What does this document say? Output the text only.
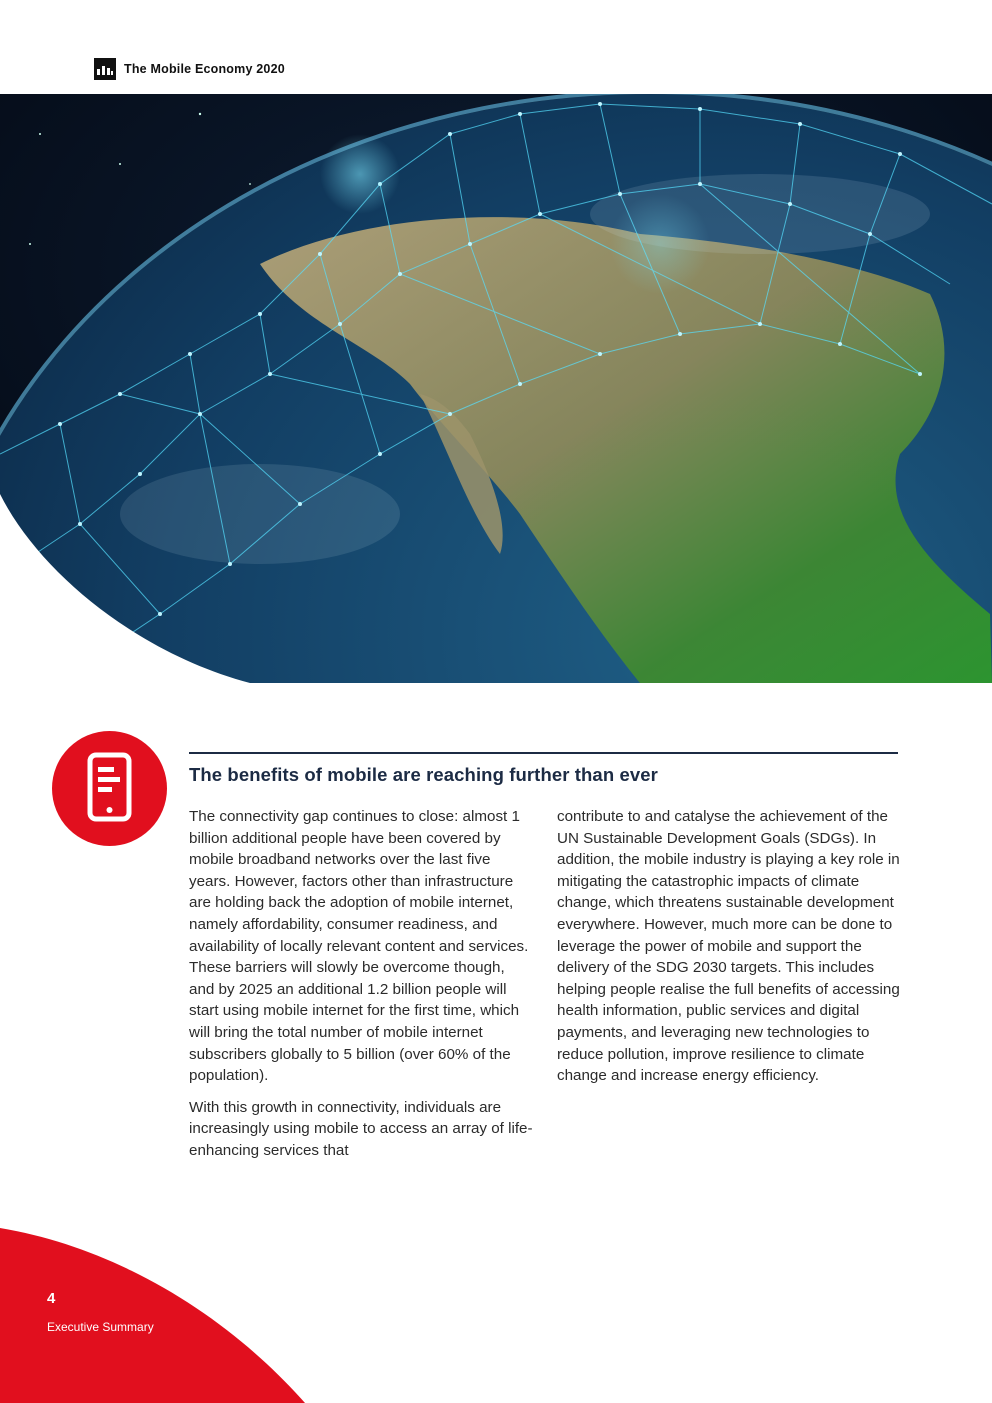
The Mobile Economy 2020
The benefits of mobile are reaching further than ever

The connectivity gap continues to close: almost 1 billion additional people have been covered by mobile broadband networks over the last five years. However, factors other than infrastructure are holding back the adoption of mobile internet, namely affordability, consumer readiness, and availability of locally relevant content and services. These barriers will slowly be overcome though, and by 2025 an additional 1.2 billion people will start using mobile internet for the first time, which will bring the total number of mobile internet subscribers globally to 5 billion (over 60% of the population).

With this growth in connectivity, individuals are increasingly using mobile to access an array of life-enhancing services that

contribute to and catalyse the achievement of the UN Sustainable Development Goals (SDGs). In addition, the mobile industry is playing a key role in mitigating the catastrophic impacts of climate change, which threatens sustainable development everywhere. However, much more can be done to leverage the power of mobile and support the delivery of the SDG 2030 targets. This includes helping people realise the full benefits of accessing health information, public services and digital payments, and leveraging new technologies to reduce pollution, improve resilience to climate change and increase energy efficiency.

4
Executive Summary
